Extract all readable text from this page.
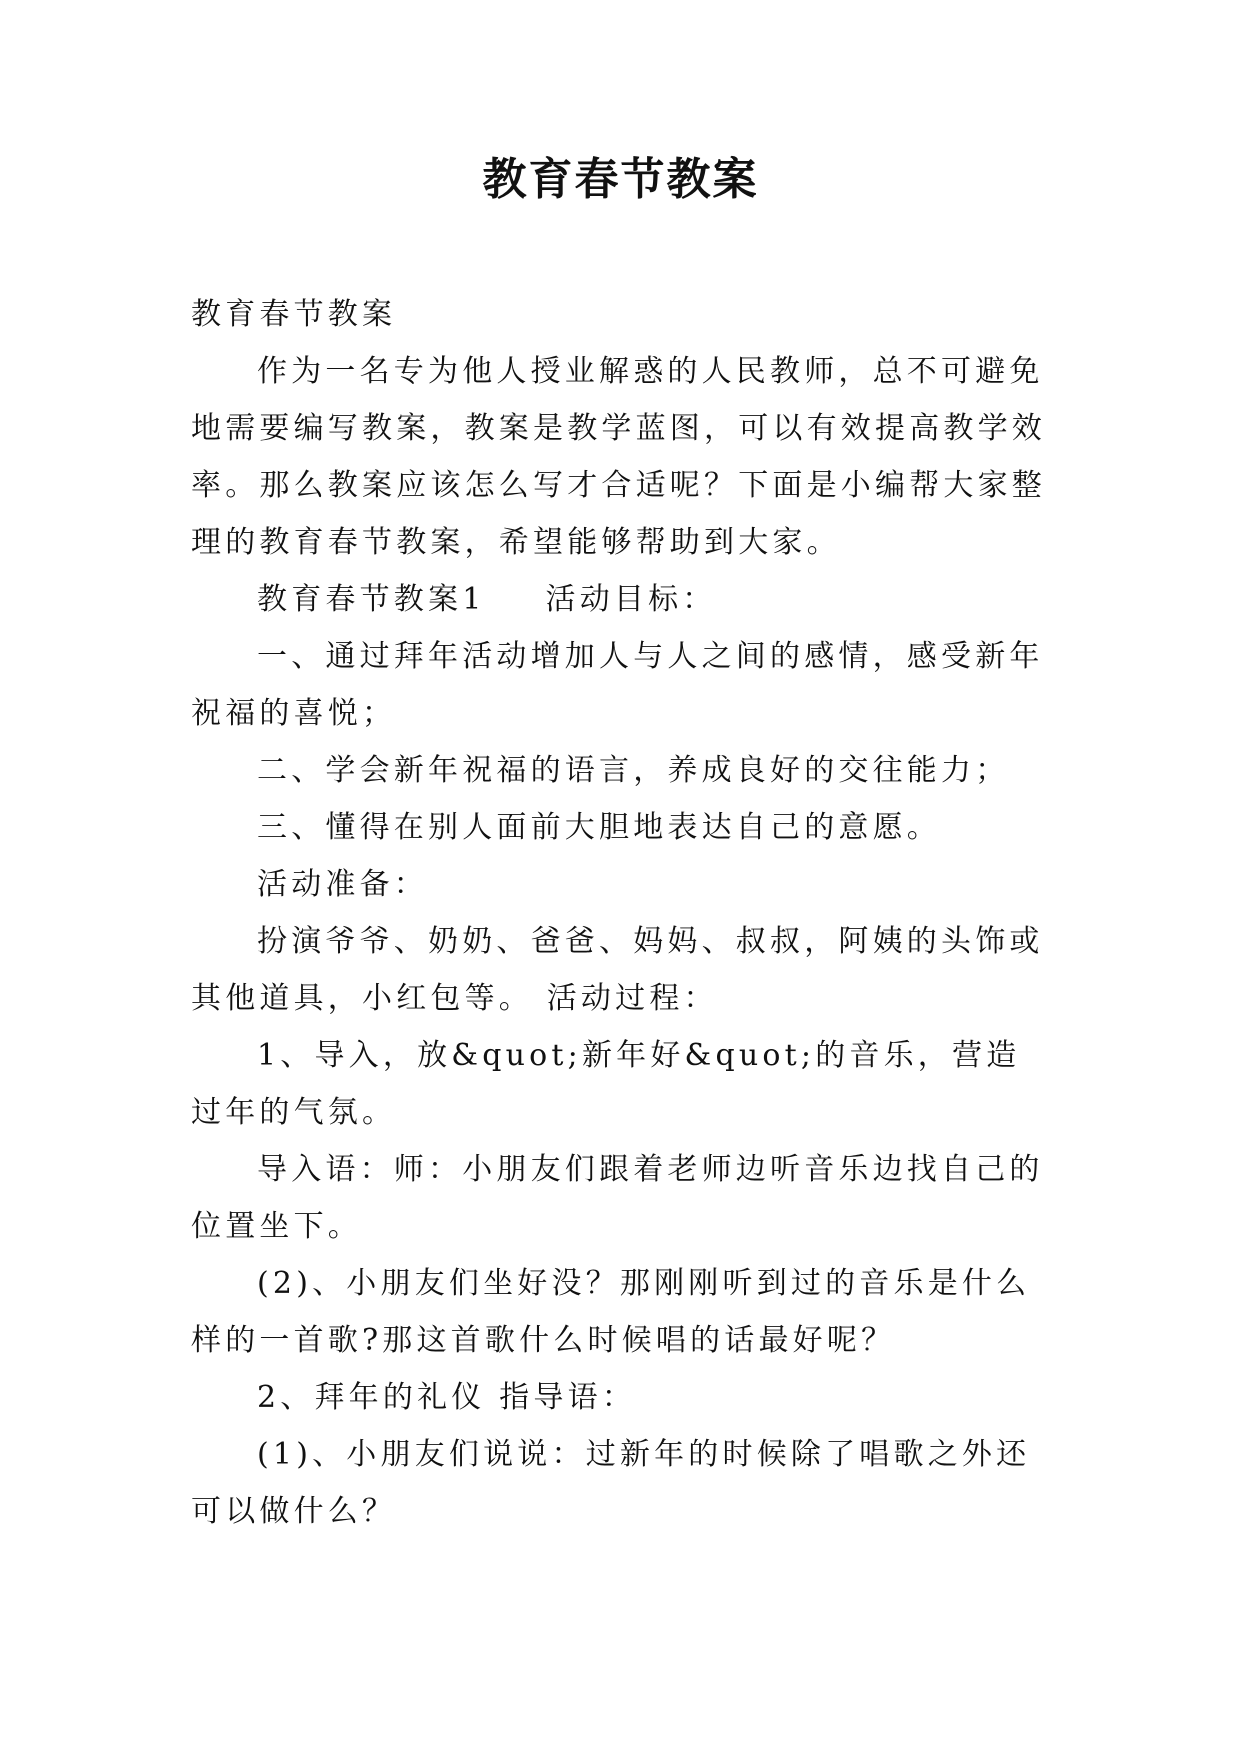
教育春节教案

教育春节教案

作为一名专为他人授业解惑的人民教师，总不可避免地需要编写教案，教案是教学蓝图，可以有效提高教学效率。那么教案应该怎么写才合适呢？下面是小编帮大家整理的教育春节教案，希望能够帮助到大家。

教育春节教案1 活动目标：

一、通过拜年活动增加人与人之间的感情，感受新年祝福的喜悦；

二、学会新年祝福的语言，养成良好的交往能力；

三、懂得在别人面前大胆地表达自己的意愿。

活动准备：

扮演爷爷、奶奶、爸爸、妈妈、叔叔，阿姨的头饰或其他道具，小红包等。 活动过程：

1、导入，放&quot;新年好&quot;的音乐，营造过年的气氛。

导入语：师：小朋友们跟着老师边听音乐边找自己的位置坐下。

(2)、小朋友们坐好没？那刚刚听到过的音乐是什么样的一首歌?那这首歌什么时候唱的话最好呢？

2、拜年的礼仪 指导语：

(1)、小朋友们说说：过新年的时候除了唱歌之外还可以做什么？
